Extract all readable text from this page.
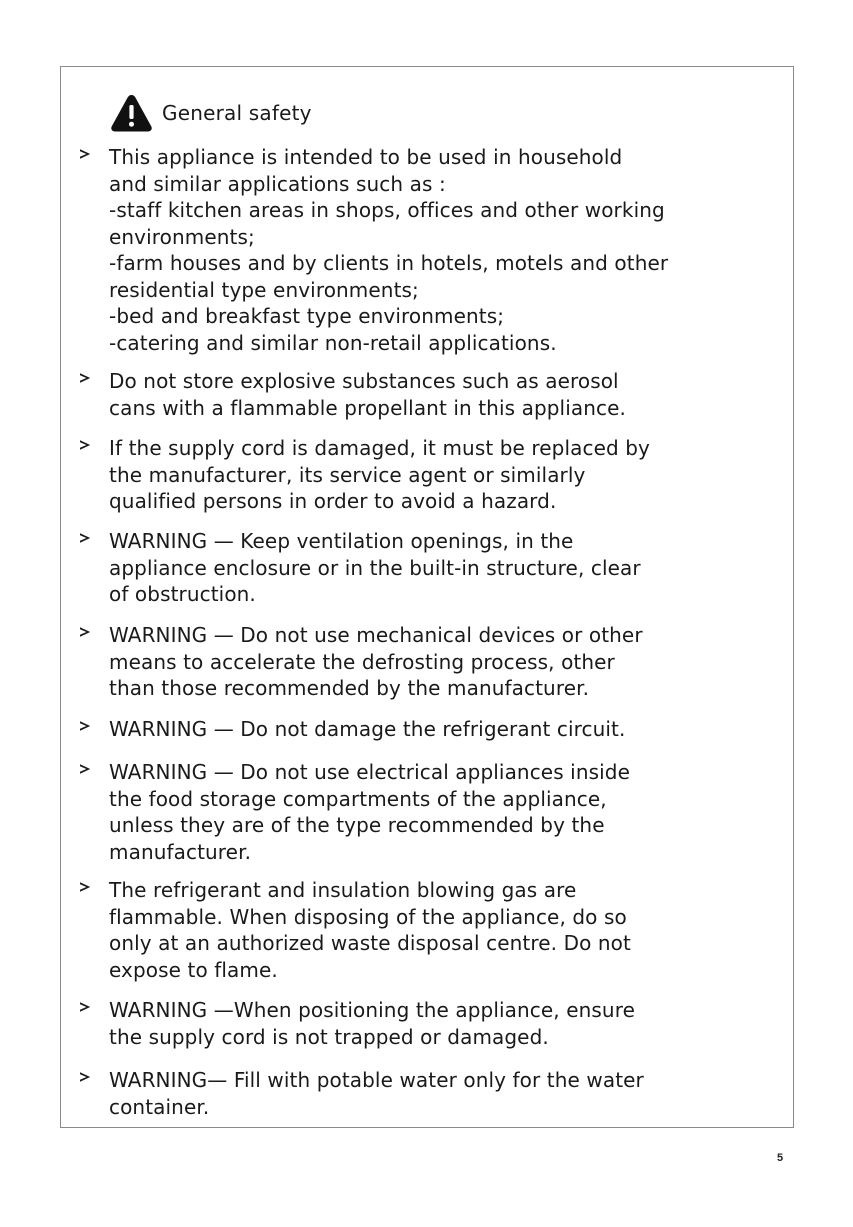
General safety
This appliance is intended to be used in household
and similar applications such as :
-staff kitchen areas in shops, offices and other working
environments;
-farm houses and by clients in hotels, motels and other
residential type environments;
-bed and breakfast type environments;
-catering and similar non-retail applications.
Do not store explosive substances such as aerosol
cans with a flammable propellant in this appliance.
If the supply cord is damaged, it must be replaced by
the manufacturer, its service agent or similarly
qualified persons in order to avoid a hazard.
WARNING — Keep ventilation openings, in the
appliance enclosure or in the built-in structure, clear
of obstruction.
WARNING — Do not use mechanical devices or other
means to accelerate the defrosting process, other
than those recommended by the manufacturer.
WARNING — Do not damage the refrigerant circuit.
WARNING — Do not use electrical appliances inside
the food storage compartments of the appliance,
unless they are of the type recommended by the
manufacturer.
The refrigerant and insulation blowing gas are
flammable. When disposing of the appliance, do so
only at an authorized waste disposal centre. Do not
expose to flame.
WARNING —When positioning the appliance, ensure
the supply cord is not trapped or damaged.
WARNING— Fill with potable water only for the water
container.
5
